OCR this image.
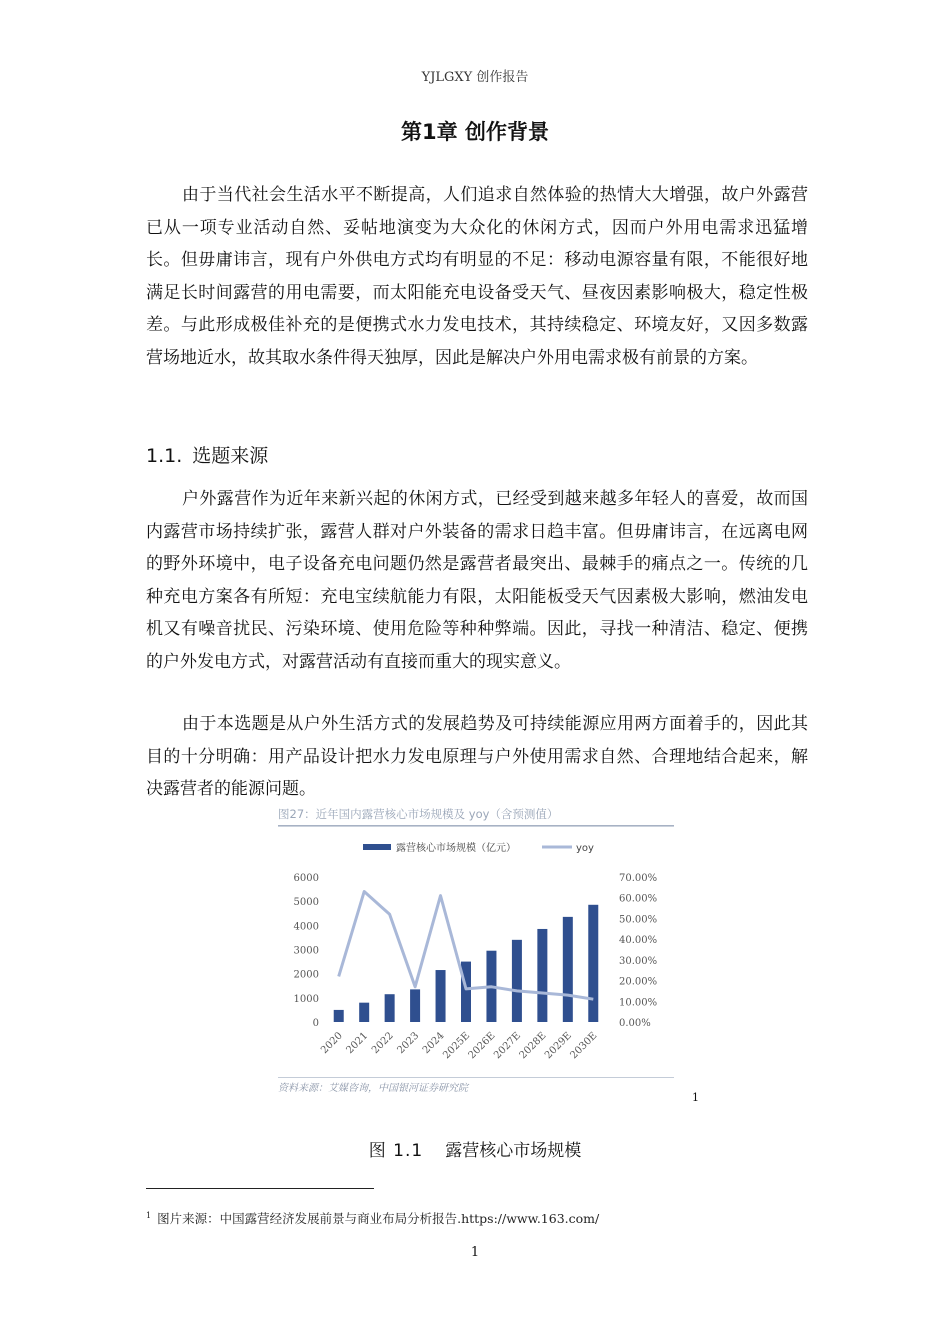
YJLGXY 创作报告
第1章 创作背景

由于当代社会生活水平不断提高，人们追求自然体验的热情大大增强，故户外露营已从一项专业活动自然、妥帖地演变为大众化的休闲方式，因而户外用电需求迅猛增长。但毋庸讳言，现有户外供电方式均有明显的不足：移动电源容量有限，不能很好地满足长时间露营的用电需要，而太阳能充电设备受天气、昼夜因素影响极大，稳定性极差。与此形成极佳补充的是便携式水力发电技术，其持续稳定、环境友好，又因多数露营场地近水，故其取水条件得天独厚，因此是解决户外用电需求极有前景的方案。

1.1. 选题来源

户外露营作为近年来新兴起的休闲方式，已经受到越来越多年轻人的喜爱，故而国内露营市场持续扩张，露营人群对户外装备的需求日趋丰富。但毋庸讳言，在远离电网的野外环境中，电子设备充电问题仍然是露营者最突出、最棘手的痛点之一。传统的几种充电方案各有所短：充电宝续航能力有限，太阳能板受天气因素极大影响，燃油发电机又有噪音扰民、污染环境、使用危险等种种弊端。因此，寻找一种清洁、稳定、便携的户外发电方式，对露营活动有直接而重大的现实意义。

由于本选题是从户外生活方式的发展趋势及可持续能源应用两方面着手的，因此其目的十分明确：用产品设计把水力发电原理与户外使用需求自然、合理地结合起来，解决露营者的能源问题。

图27：近年国内露营核心市场规模及 yoy（含预测值）
露营核心市场规模（亿元）	yoy
0
1000
2000
3000
4000
5000
6000
0.00%
10.00%
20.00%
30.00%
40.00%
50.00%
60.00%
70.00%
2020 2021 2022 2023 2024
2025E
2026E
2027E
2028E
2029E
2030E
资料来源：艾媒咨询，中国银河证券研究院
1
图 1.1 露营核心市场规模
$^1$ 图片来源：中国露营经济发展前景与商业布局分析报告.https://www.163.com/
1
